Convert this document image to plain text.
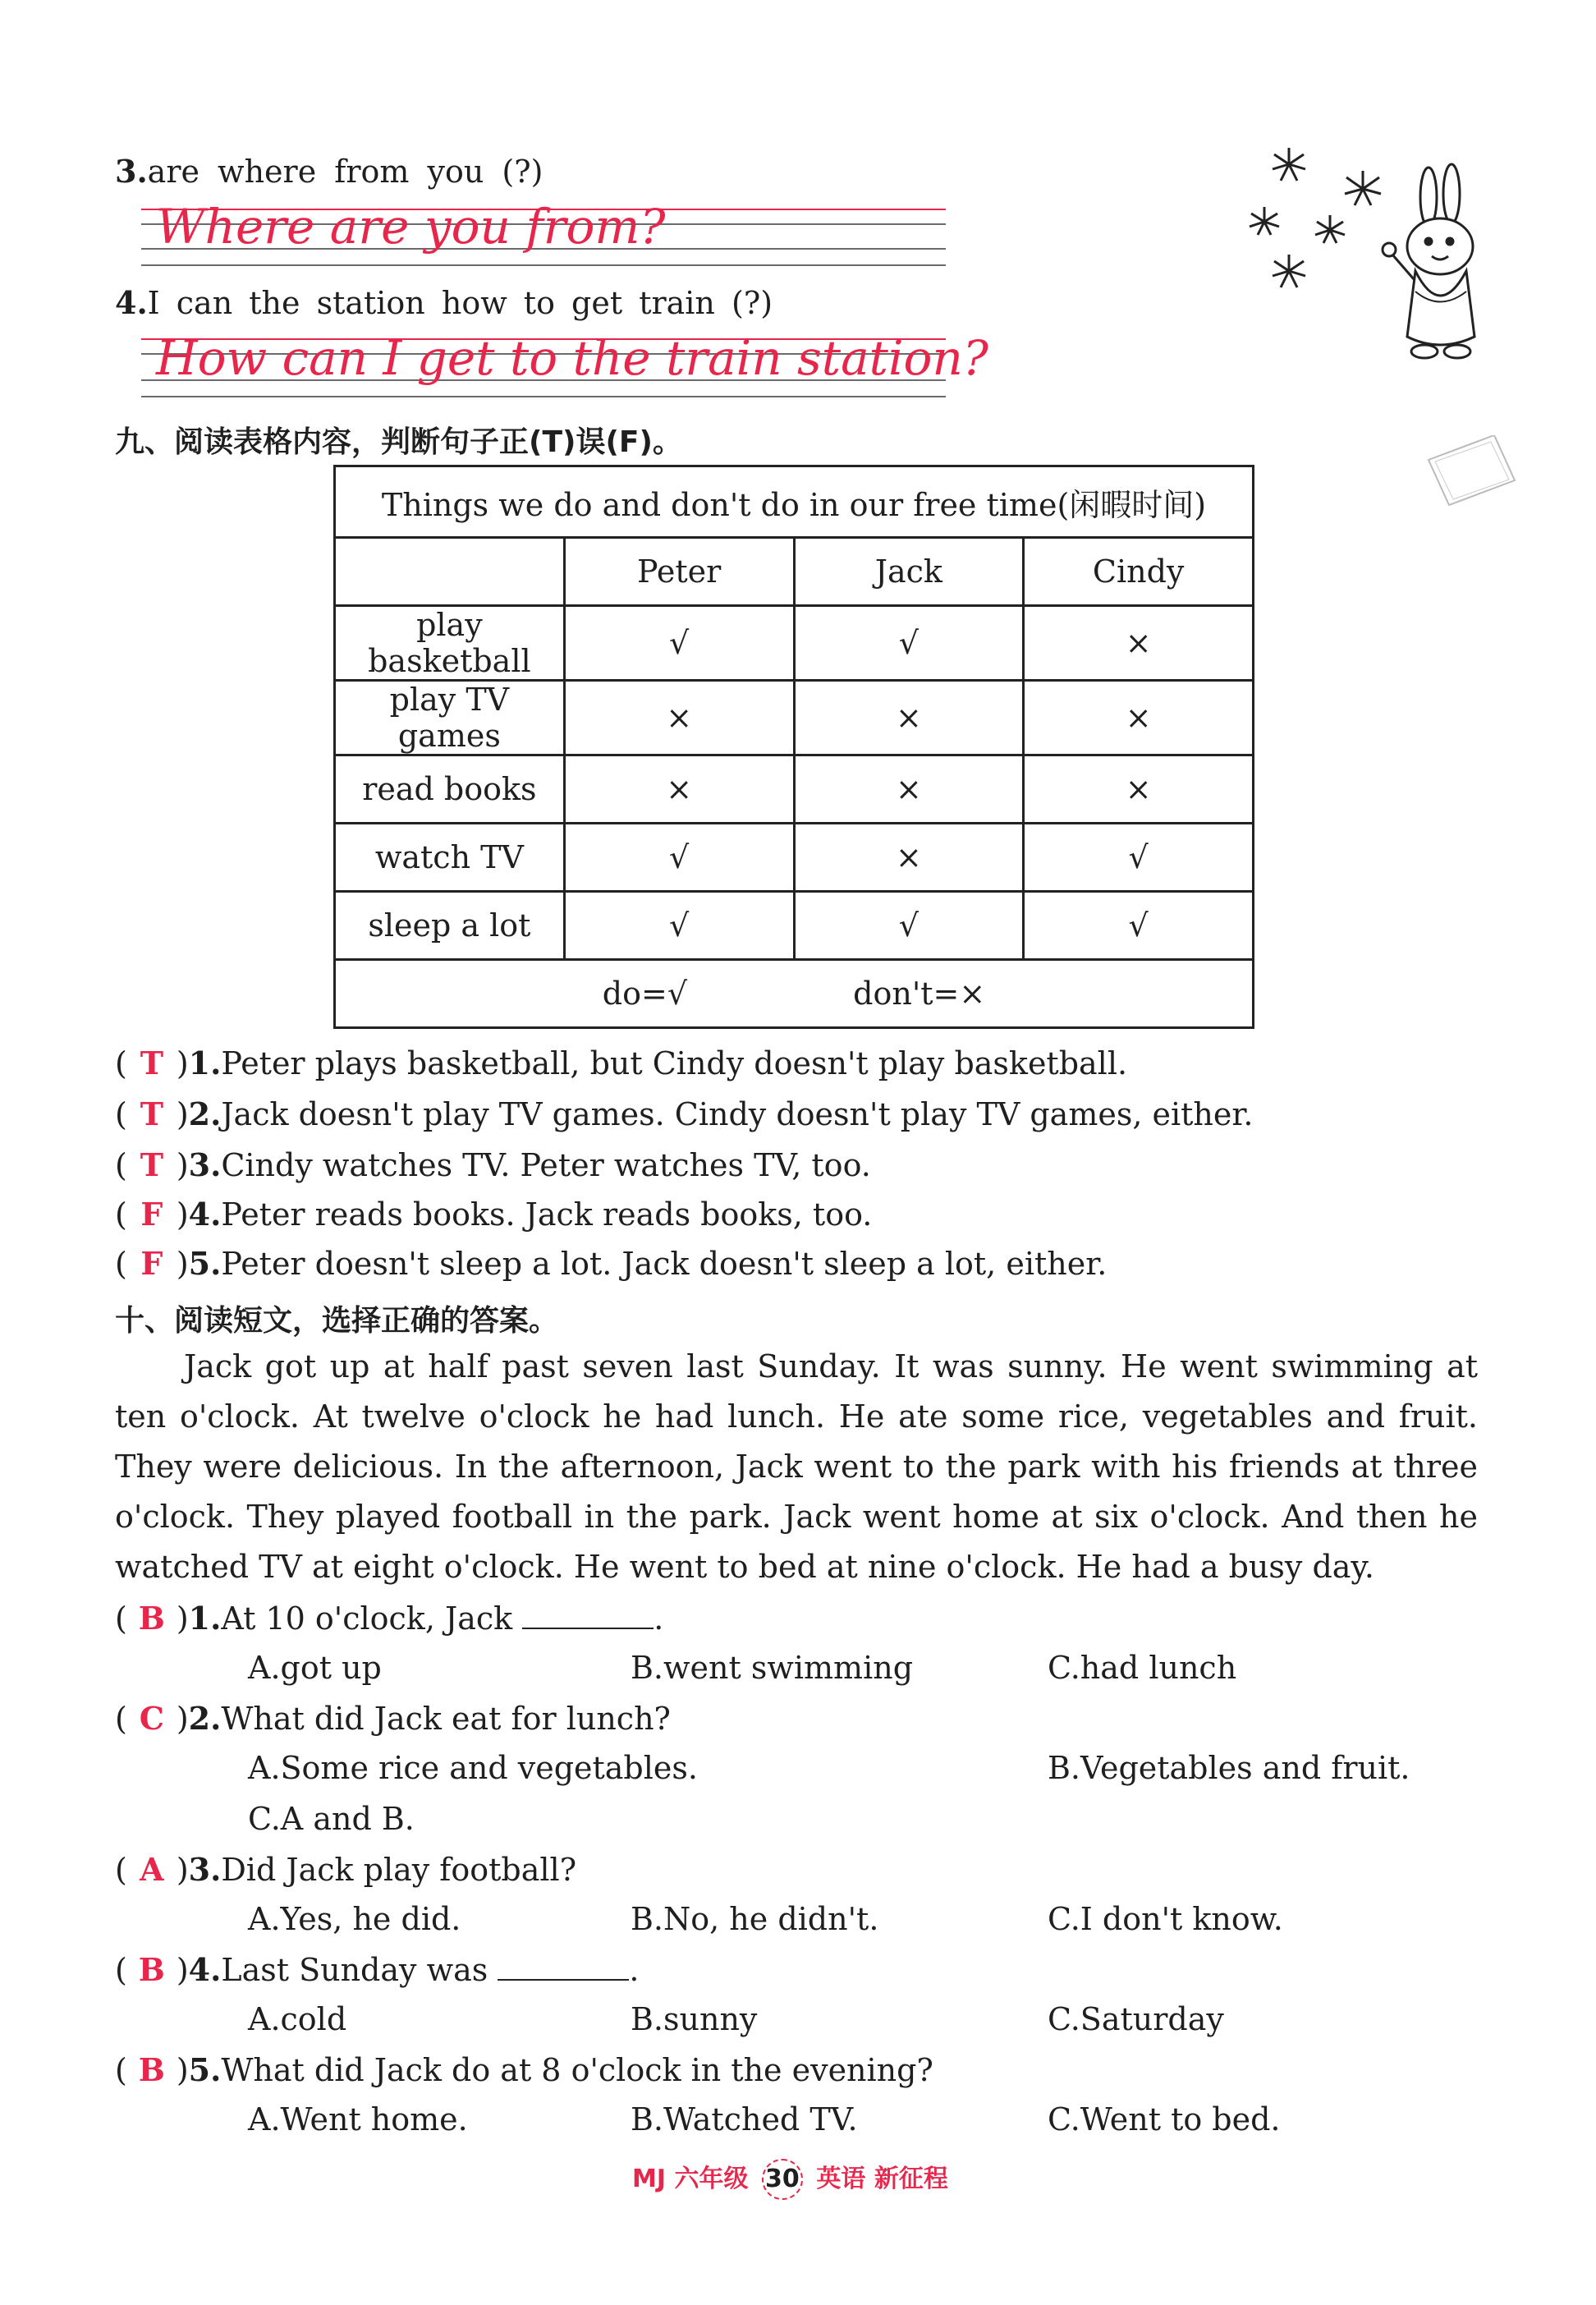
3.are where from you (?)
Where are you from?
4.I can the station how to get train (?)
How can I get to the train station?
九、阅读表格内容，判断句子正(T)误(F)。
Things we do and don't do in our free time(闲暇时间)			
	Peter	Jack	Cindy
play basketball	√	√	×
play TV games	×	×	×
read books	×	×	×
watch TV	√	×	√
sleep a lot	√	√	√
do=√ don't=×			
( T )1.Peter plays basketball, but Cindy doesn't play basketball.
( T )2.Jack doesn't play TV games. Cindy doesn't play TV games, either.
( T )3.Cindy watches TV. Peter watches TV, too.
( F )4.Peter reads books. Jack reads books, too.
( F )5.Peter doesn't sleep a lot. Jack doesn't sleep a lot, either.
十、阅读短文，选择正确的答案。
Jack got up at half past seven last Sunday. It was sunny. He went swimming at ten o'clock. At twelve o'clock he had lunch. He ate some rice, vegetables and fruit. They were delicious. In the afternoon, Jack went to the park with his friends at three o'clock. They played football in the park. Jack went home at six o'clock. And then he watched TV at eight o'clock. He went to bed at nine o'clock. He had a busy day.
( B )1.At 10 o'clock, Jack	.
A.got up	B.went swimming	C.had lunch
( C )2.What did Jack eat for lunch?
A.Some rice and vegetables.	B.Vegetables and fruit.
C.A and B.
( A )3.Did Jack play football?
A.Yes, he did.	B.No, he didn't.	C.I don't know.
( B )4.Last Sunday was	.
A.cold	B.sunny	C.Saturday
( B )5.What did Jack do at 8 o'clock in the evening?
A.Went home.	B.Watched TV.	C.Went to bed.
MJ 六年级 30 英语 新征程
